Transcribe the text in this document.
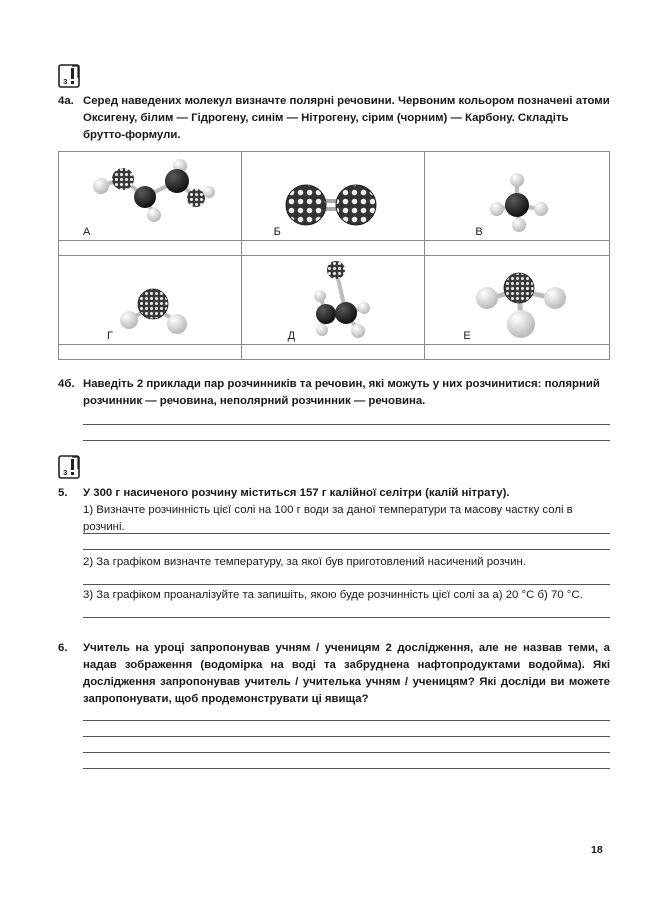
з
4а. Серед наведених молекул визначте полярні речовини. Червоним кольором позначені атоми Оксигену, білим — Гідрогену, синім — Нітрогену, сірим (чорним) — Карбону. Складіть брутто-формули.
А	Б	В

Г	Д	Е

4б. Наведіть 2 приклади пар розчинників та речовин, які можуть у них розчинитися: полярний розчинник — речовина, неполярний розчинник — речовина.
з
5. У 300 г насиченого розчину міститься 157 г калійної селітри (калій нітрату).
1) Визначте розчинність цієї солі на 100 г води за даної температури та масову частку солі в розчині.
2) За графіком визначте температуру, за якої був приготовлений насичений розчин.
3) За графіком проаналізуйте та запишіть, якою буде розчинність цієї солі за а) 20 °С б) 70 °С.
6. Учитель на уроці запропонував учням / ученицям 2 дослідження, але не назвав теми, а надав зображення (водомірка на воді та забруднена нафтопродуктами водойма). Які дослідження запропонував учитель / учителька учням / ученицям? Які досліди ви можете запропонувати, щоб продемонструвати ці явища?
18
